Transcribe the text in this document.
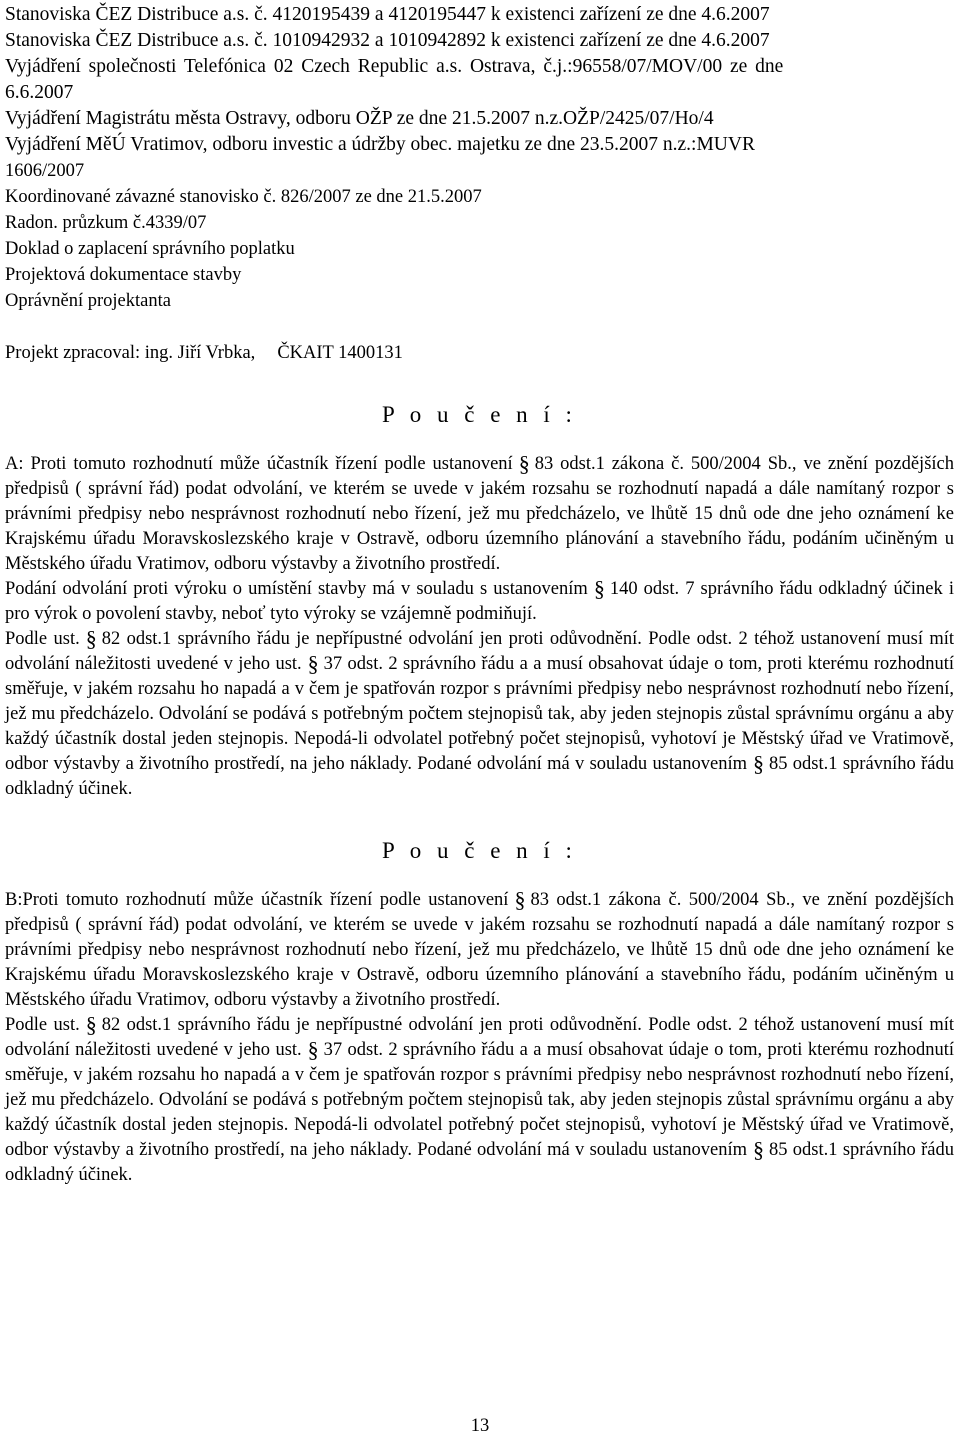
Stanoviska ČEZ Distribuce a.s. č. 4120195439 a 4120195447 k existenci zařízení ze dne 4.6.2007
Stanoviska ČEZ Distribuce a.s. č. 1010942932 a 1010942892 k existenci zařízení ze dne 4.6.2007
Vyjádření společnosti Telefónica 02 Czech Republic a.s. Ostrava, č.j.:96558/07/MOV/00 ze dne
6.6.2007
Vyjádření Magistrátu města Ostravy, odboru OŽP ze dne 21.5.2007 n.z.OŽP/2425/07/Ho/4
Vyjádření MěÚ Vratimov, odboru investic a údržby obec. majetku ze dne 23.5.2007 n.z.:MUVR
1606/2007
Koordinované závazné stanovisko č. 826/2007 ze dne 21.5.2007
Radon. průzkum č.4339/07
Doklad o zaplacení správního poplatku
Projektová dokumentace stavby
Oprávnění projektanta
Projekt zpracoval: ing. Jiří Vrbka, ČKAIT 1400131
P o u č e n í :

A: Proti tomuto rozhodnutí může účastník řízení podle ustanovení § 83 odst.1 zákona č. 500/2004 Sb., ve znění pozdějších předpisů ( správní řád) podat odvolání, ve kterém se uvede v jakém rozsahu se rozhodnutí napadá a dále namítaný rozpor s právními předpisy nebo nesprávnost rozhodnutí nebo řízení, jež mu předcházelo, ve lhůtě 15 dnů ode dne jeho oznámení ke Krajskému úřadu Moravskoslezského kraje v Ostravě, odboru územního plánování a stavebního řádu, podáním učiněným u Městského úřadu Vratimov, odboru výstavby a životního prostředí.

Podání odvolání proti výroku o umístění stavby má v souladu s ustanovením § 140 odst. 7 správního řádu odkladný účinek i pro výrok o povolení stavby, neboť tyto výroky se vzájemně podmiňují.

Podle ust. § 82 odst.1 správního řádu je nepřípustné odvolání jen proti odůvodnění. Podle odst. 2 téhož ustanovení musí mít odvolání náležitosti uvedené v jeho ust. § 37 odst. 2 správního řádu a a musí obsahovat údaje o tom, proti kterému rozhodnutí směřuje, v jakém rozsahu ho napadá a v čem je spatřován rozpor s právními předpisy nebo nesprávnost rozhodnutí nebo řízení, jež mu předcházelo. Odvolání se podává s potřebným počtem stejnopisů tak, aby jeden stejnopis zůstal správnímu orgánu a aby každý účastník dostal jeden stejnopis. Nepodá-li odvolatel potřebný počet stejnopisů, vyhotoví je Městský úřad ve Vratimově, odbor výstavby a životního prostředí, na jeho náklady. Podané odvolání má v souladu ustanovením § 85 odst.1 správního řádu odkladný účinek.

P o u č e n í :

B:Proti tomuto rozhodnutí může účastník řízení podle ustanovení § 83 odst.1 zákona č. 500/2004 Sb., ve znění pozdějších předpisů ( správní řád) podat odvolání, ve kterém se uvede v jakém rozsahu se rozhodnutí napadá a dále namítaný rozpor s právními předpisy nebo nesprávnost rozhodnutí nebo řízení, jež mu předcházelo, ve lhůtě 15 dnů ode dne jeho oznámení ke Krajskému úřadu Moravskoslezského kraje v Ostravě, odboru územního plánování a stavebního řádu, podáním učiněným u Městského úřadu Vratimov, odboru výstavby a životního prostředí.

Podle ust. § 82 odst.1 správního řádu je nepřípustné odvolání jen proti odůvodnění. Podle odst. 2 téhož ustanovení musí mít odvolání náležitosti uvedené v jeho ust. § 37 odst. 2 správního řádu a a musí obsahovat údaje o tom, proti kterému rozhodnutí směřuje, v jakém rozsahu ho napadá a v čem je spatřován rozpor s právními předpisy nebo nesprávnost rozhodnutí nebo řízení, jež mu předcházelo. Odvolání se podává s potřebným počtem stejnopisů tak, aby jeden stejnopis zůstal správnímu orgánu a aby každý účastník dostal jeden stejnopis. Nepodá-li odvolatel potřebný počet stejnopisů, vyhotoví je Městský úřad ve Vratimově, odbor výstavby a životního prostředí, na jeho náklady. Podané odvolání má v souladu ustanovením § 85 odst.1 správního řádu odkladný účinek.

13
